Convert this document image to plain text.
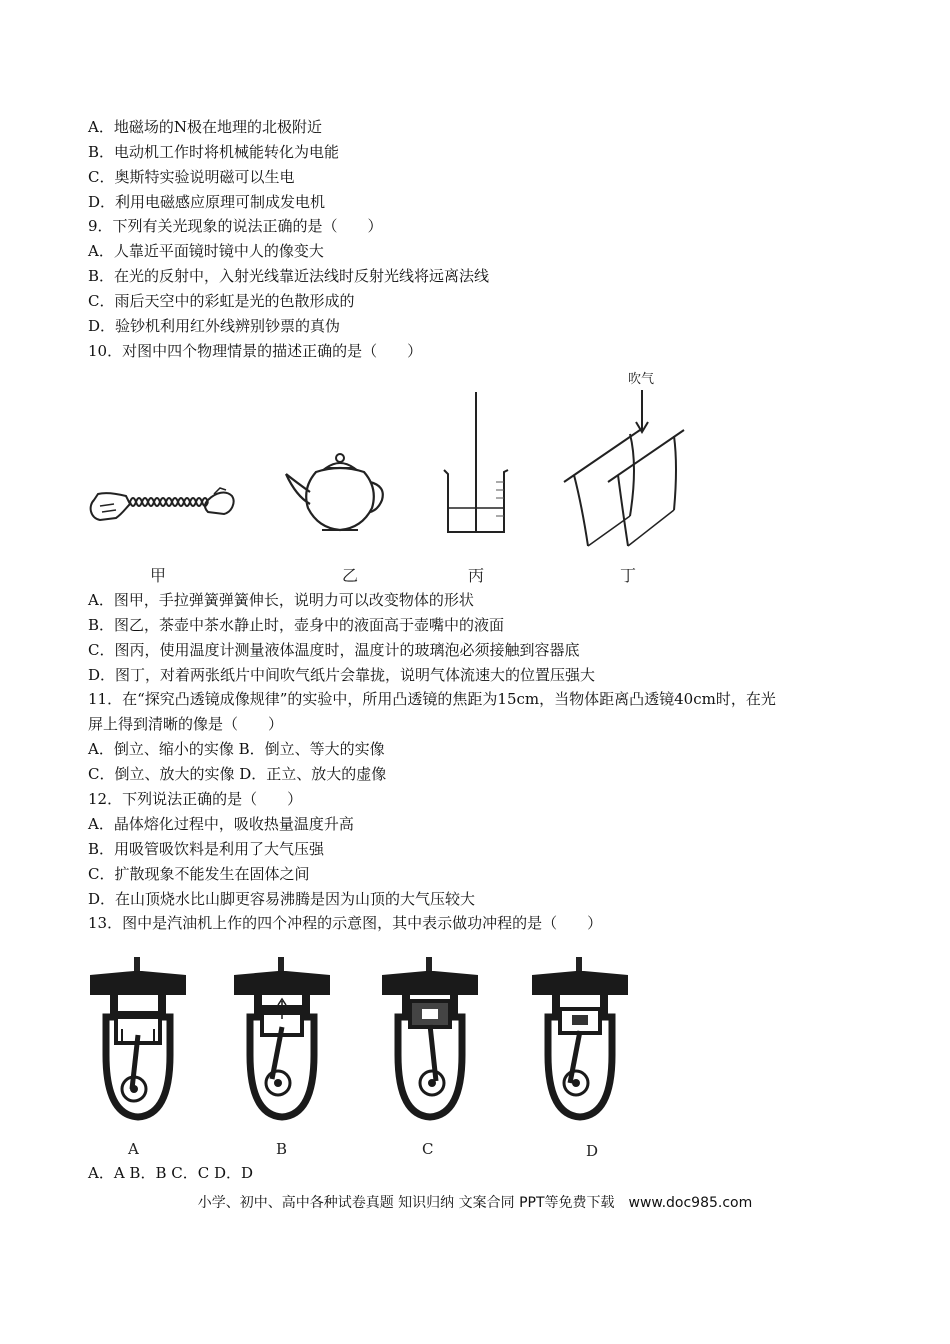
A．地磁场的N极在地理的北极附近
B．电动机工作时将机械能转化为电能
C．奥斯特实验说明磁可以生电
D．利用电磁感应原理可制成发电机
9．下列有关光现象的说法正确的是（　　）
A．人靠近平面镜时镜中人的像变大
B．在光的反射中，入射光线靠近法线时反射光线将远离法线
C．雨后天空中的彩虹是光的色散形成的
D．验钞机利用红外线辨别钞票的真伪
10．对图中四个物理情景的描述正确的是（　　）
吹气
甲	乙	丙	丁
A．图甲，手拉弹簧弹簧伸长，说明力可以改变物体的形状
B．图乙，茶壶中茶水静止时，壶身中的液面高于壶嘴中的液面
C．图丙，使用温度计测量液体温度时，温度计的玻璃泡必须接触到容器底
D．图丁，对着两张纸片中间吹气纸片会靠拢，说明气体流速大的位置压强大
11．在“探究凸透镜成像规律”的实验中，所用凸透镜的焦距为15cm，当物体距离凸透镜40cm时，在光
屏上得到清晰的像是（　　）
A．倒立、缩小的实像 B．倒立、等大的实像
C．倒立、放大的实像 D．正立、放大的虚像
12．下列说法正确的是（　　）
A．晶体熔化过程中，吸收热量温度升高
B．用吸管吸饮料是利用了大气压强
C．扩散现象不能发生在固体之间
D．在山顶烧水比山脚更容易沸腾是因为山顶的大气压较大
13．图中是汽油机上作的四个冲程的示意图，其中表示做功冲程的是（　　）
A	B	C	D
A．A B．B C．C D．D
小学、初中、高中各种试卷真题 知识归纳 文案合同 PPT等免费下载　www.doc985.com
